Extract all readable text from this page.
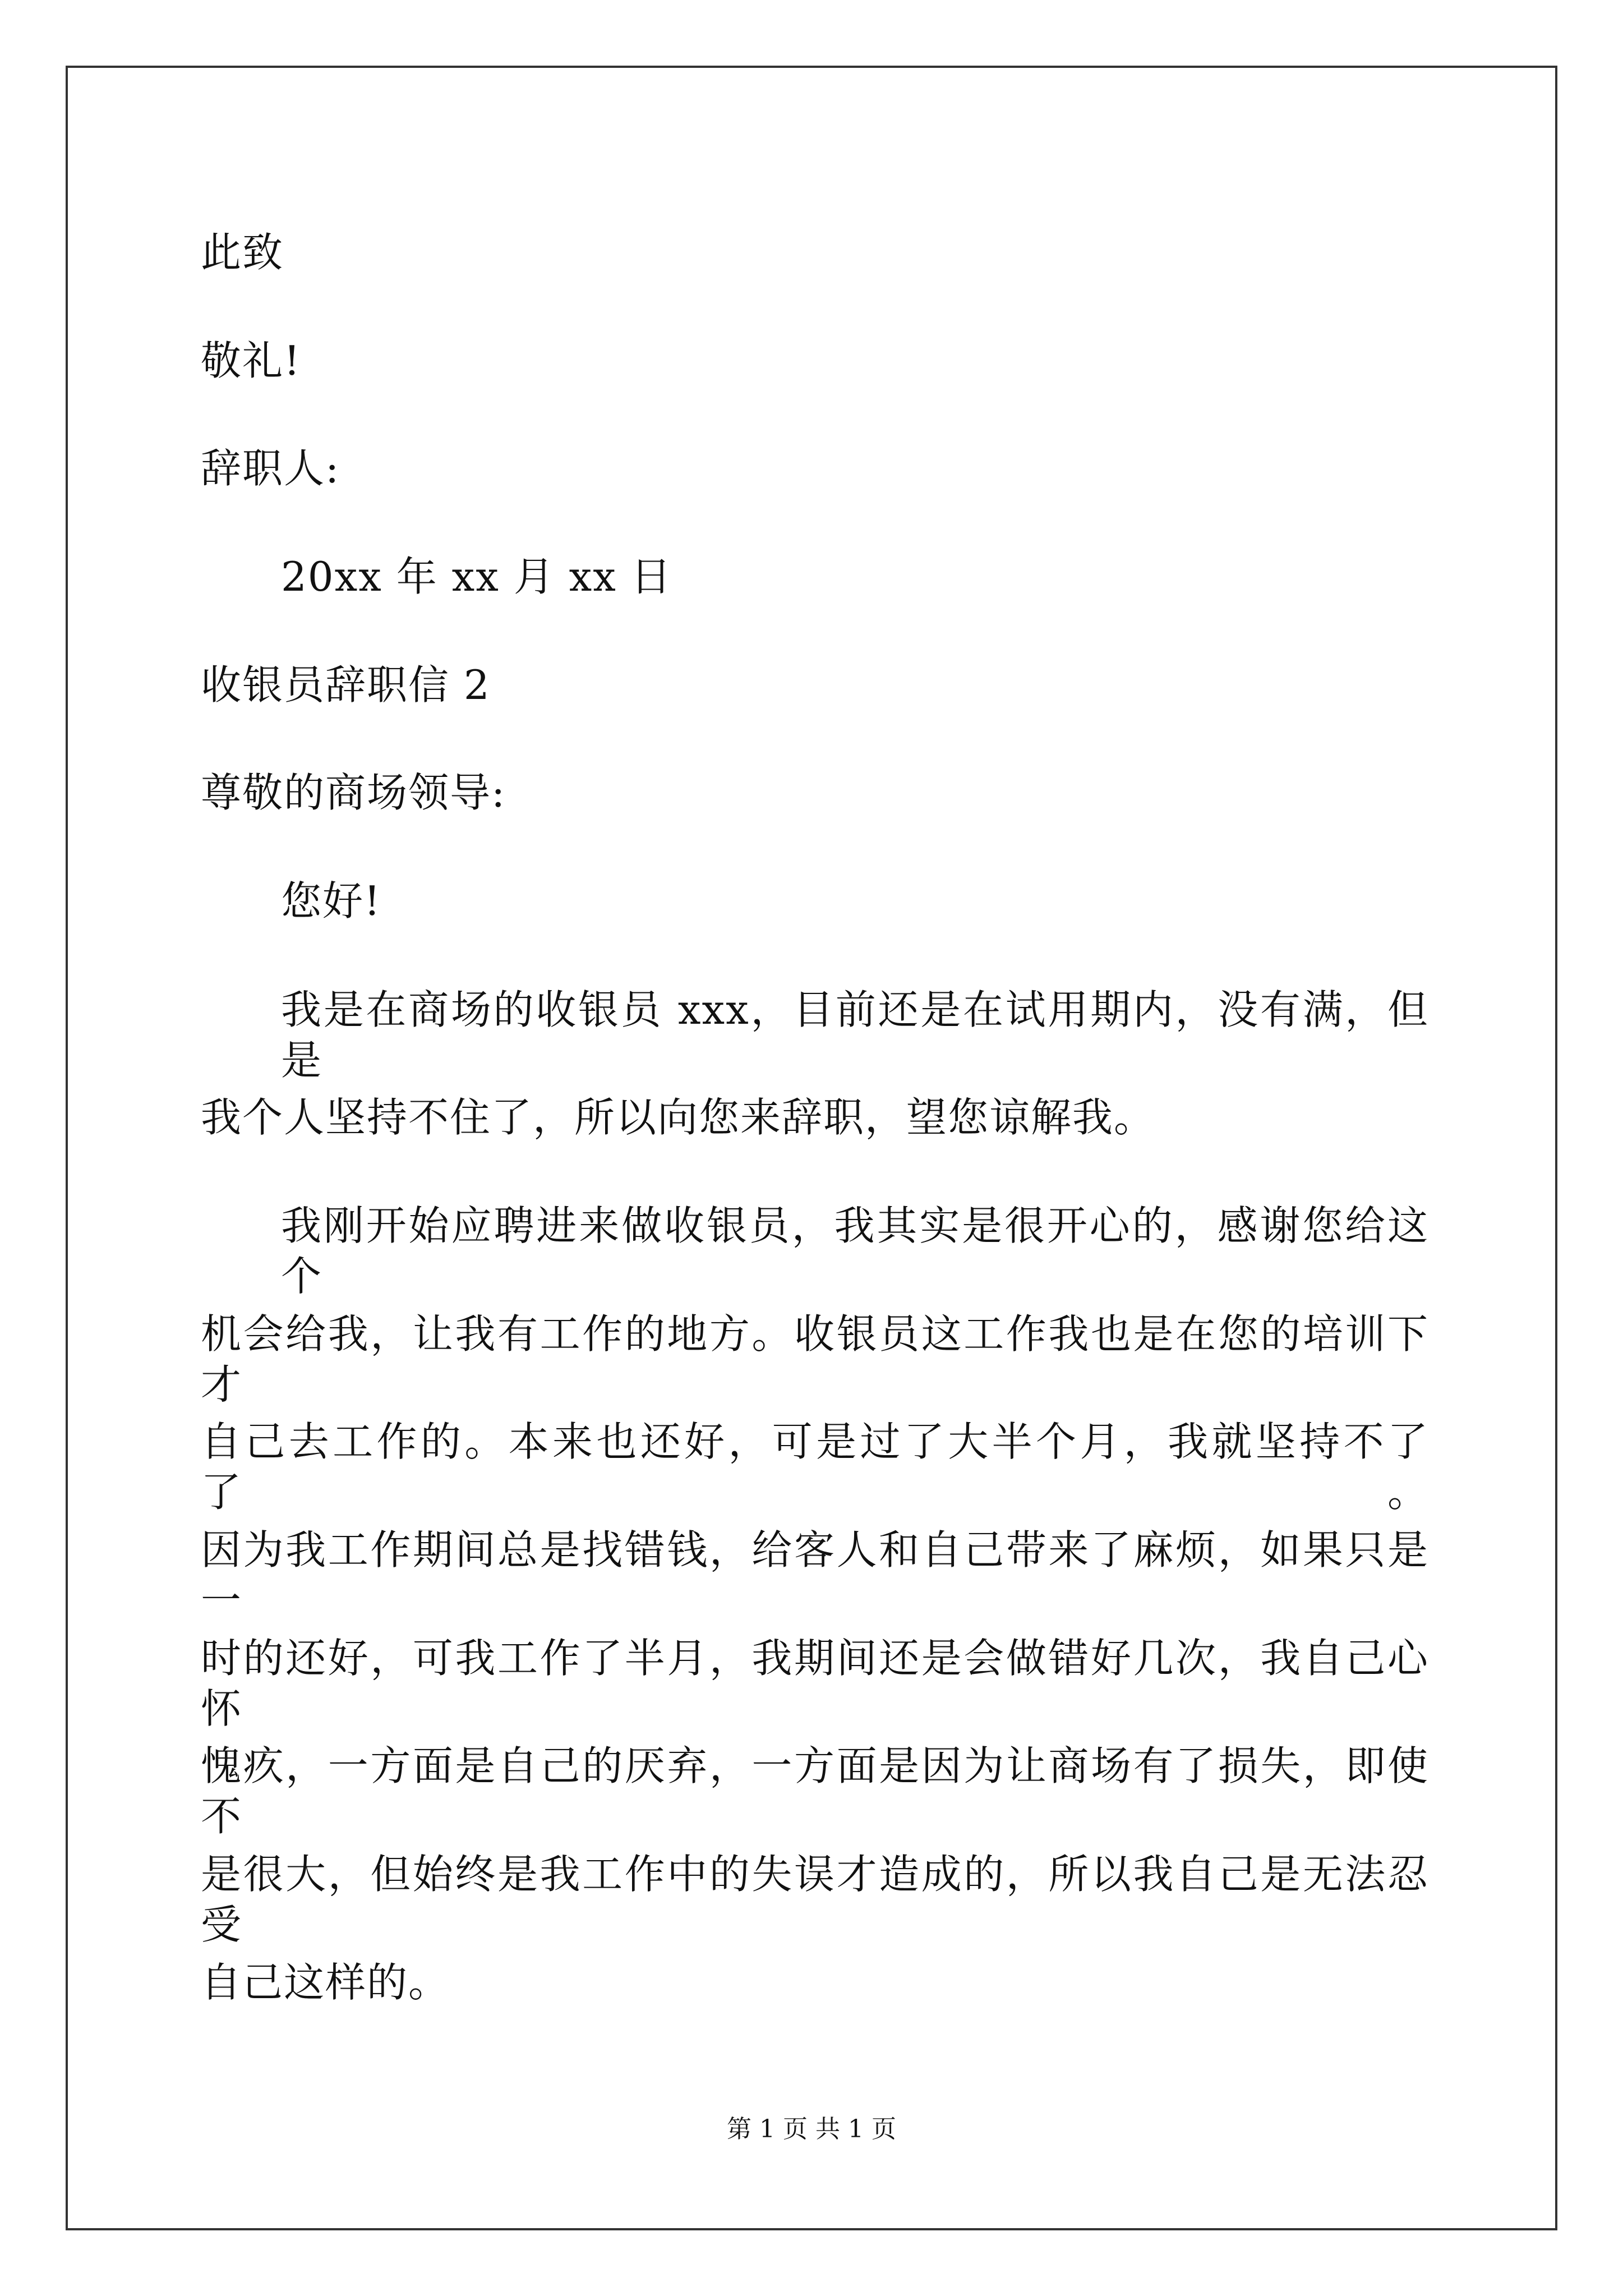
此致
敬礼!
辞职人:
20xx 年 xx 月 xx 日
收银员辞职信 2
尊敬的商场领导:
您好!
我是在商场的收银员 xxx，目前还是在试用期内，没有满，但是
我个人坚持不住了，所以向您来辞职，望您谅解我。
我刚开始应聘进来做收银员，我其实是很开心的，感谢您给这个
机会给我，让我有工作的地方。收银员这工作我也是在您的培训下才
自己去工作的。本来也还好，可是过了大半个月，我就坚持不了了。
因为我工作期间总是找错钱，给客人和自己带来了麻烦，如果只是一
时的还好，可我工作了半月，我期间还是会做错好几次，我自己心怀
愧疚，一方面是自己的厌弃，一方面是因为让商场有了损失，即使不
是很大，但始终是我工作中的失误才造成的，所以我自己是无法忍受
自己这样的。
第 1 页 共 1 页
